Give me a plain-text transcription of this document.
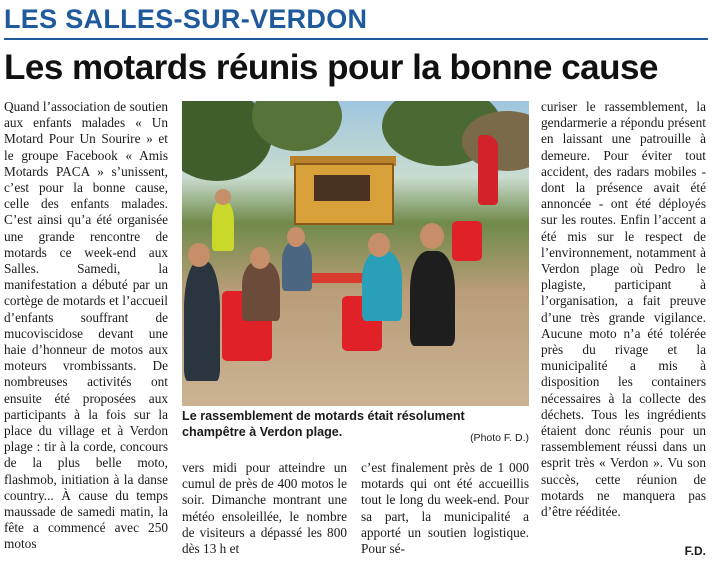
LES SALLES-SUR-VERDON
Les motards réunis pour la bonne cause

Quand l’association de soutien aux enfants malades « Un Motard Pour Un Sourire » et le groupe Facebook « Amis Motards PACA » s’unissent, c’est pour la bonne cause, celle des enfants malades. C’est ainsi qu’a été organisée une grande rencontre de motards ce week-end aux Salles. Samedi, la manifestation a débuté par un cortège de motards et l’accueil d’enfants souffrant de mucoviscidose devant une haie d’honneur de motos aux moteurs vrombissants. De nombreuses activités ont ensuite été proposées aux participants à la fois sur la place du village et à Verdon plage : tir à la corde, concours de la plus belle moto, flashmob, initiation à la danse country... À cause du temps maussade de samedi matin, la fête a commencé avec 250 motos

Le rassemblement de motards était résolument champêtre à Verdon plage.	(Photo F. D.)

vers midi pour atteindre un cumul de près de 400 motos le soir. Dimanche montrant une météo ensoleillée, le nombre de visiteurs a dépassé les 800 dès 13 h et

c’est finalement près de 1 000 motards qui ont été accueillis tout le long du week-end. Pour sa part, la municipalité a apporté un soutien logistique. Pour sé-

curiser le rassemblement, la gendarmerie a répondu présent en laissant une patrouille à demeure. Pour éviter tout accident, des radars mobiles - dont la présence avait été annoncée - ont été déployés sur les routes. Enfin l’accent a été mis sur le respect de l’environnement, notamment à Verdon plage où Pedro le plagiste, participant à l’organisation, a fait preuve d’une très grande vigilance. Aucune moto n’a été tolérée près du rivage et la municipalité a mis à disposition les containers nécessaires à la collecte des déchets. Tous les ingrédients étaient donc réunis pour un rassemblement réussi dans un esprit très « Verdon ». Vu son succès, cette réunion de motards ne manquera pas d’être rééditée.

F.D.
